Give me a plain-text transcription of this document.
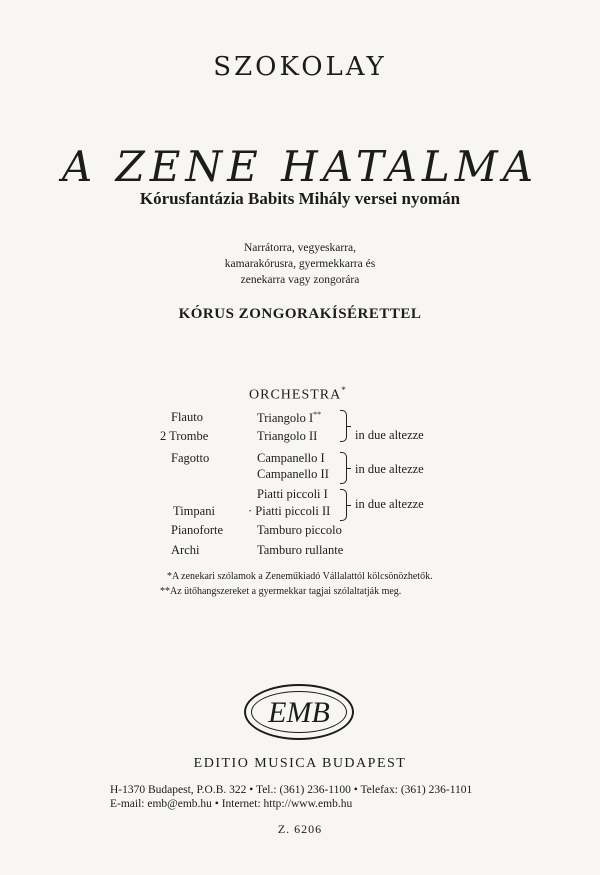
SZOKOLAY
A ZENE HATALMA
Kórusfantázia Babits Mihály versei nyomán
Narrátorra, vegyeskarra,
kamarakórusra, gyermekkarra és
zenekarra vagy zongorára
KÓRUS ZONGORAKÍSÉRETTEL
ORCHESTRA*
Flauto
2 Trombe
Fagotto
Timpani
Pianoforte
Archi
Triangolo I**
Triangolo II
Campanello I
Campanello II
Piatti piccoli I
· Piatti piccoli II
Tamburo piccolo
Tamburo rullante
in due altezze
in due altezze
in due altezze
*A zenekari szólamok a Zeneműkiadó Vállalattól kölcsönözhetők.
**Az ütőhangszereket a gyermekkar tagjai szólaltatják meg.
EMB
EDITIO MUSICA BUDAPEST
H-1370 Budapest, P.O.B. 322 • Tel.: (361) 236-1100 • Telefax: (361) 236-1101
E-mail: emb@emb.hu • Internet: http://www.emb.hu
Z. 6206
